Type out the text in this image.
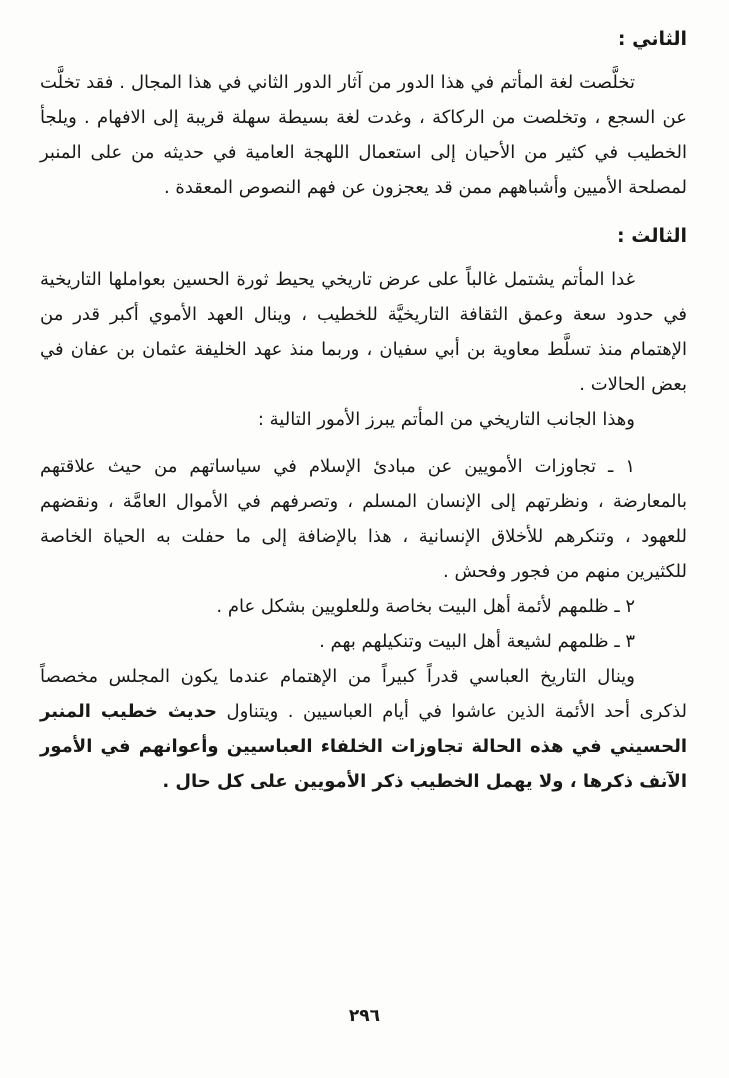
الثاني :

تخلَّصت لغة المأتم في هذا الدور من آثار الدور الثاني في هذا المجال . فقد تخلَّت عن السجع ، وتخلصت من الركاكة ، وغدت لغة بسيطة سهلة قريبة إلى الافهام . ويلجأ الخطيب في كثير من الأحيان إلى استعمال اللهجة العامية في حديثه من على المنبر لمصلحة الأميين وأشباههم ممن قد يعجزون عن فهم النصوص المعقدة .

الثالث :

غدا المأتم يشتمل غالباً على عرض تاريخي يحيط ثورة الحسين بعواملها التاريخية في حدود سعة وعمق الثقافة التاريخيَّة للخطيب ، وينال العهد الأموي أكبر قدر من الإهتمام منذ تسلَّط معاوية بن أبي سفيان ، وربما منذ عهد الخليفة عثمان بن عفان في بعض الحالات .

وهذا الجانب التاريخي من المأتم يبرز الأمور التالية :

١ ـ تجاوزات الأمويين عن مبادئ الإسلام في سياساتهم من حيث علاقتهم بالمعارضة ، ونظرتهم إلى الإنسان المسلم ، وتصرفهم في الأموال العامَّة ، ونقضهم للعهود ، وتنكرهم للأخلاق الإنسانية ، هذا بالإضافة إلى ما حفلت به الحياة الخاصة للكثيرين منهم من فجور وفحش .

٢ ـ ظلمهم لأئمة أهل البيت بخاصة وللعلويين بشكل عام .

٣ ـ ظلمهم لشيعة أهل البيت وتنكيلهم بهم .

وينال التاريخ العباسي قدراً كبيراً من الإهتمام عندما يكون المجلس مخصصاً لذكرى أحد الأئمة الذين عاشوا في أيام العباسيين . ويتناول حديث خطيب المنبر الحسيني في هذه الحالة تجاوزات الخلفاء العباسيين وأعوانهم في الأمور الآنف ذكرها ، ولا يهمل الخطيب ذكر الأمويين على كل حال .

٢٩٦
